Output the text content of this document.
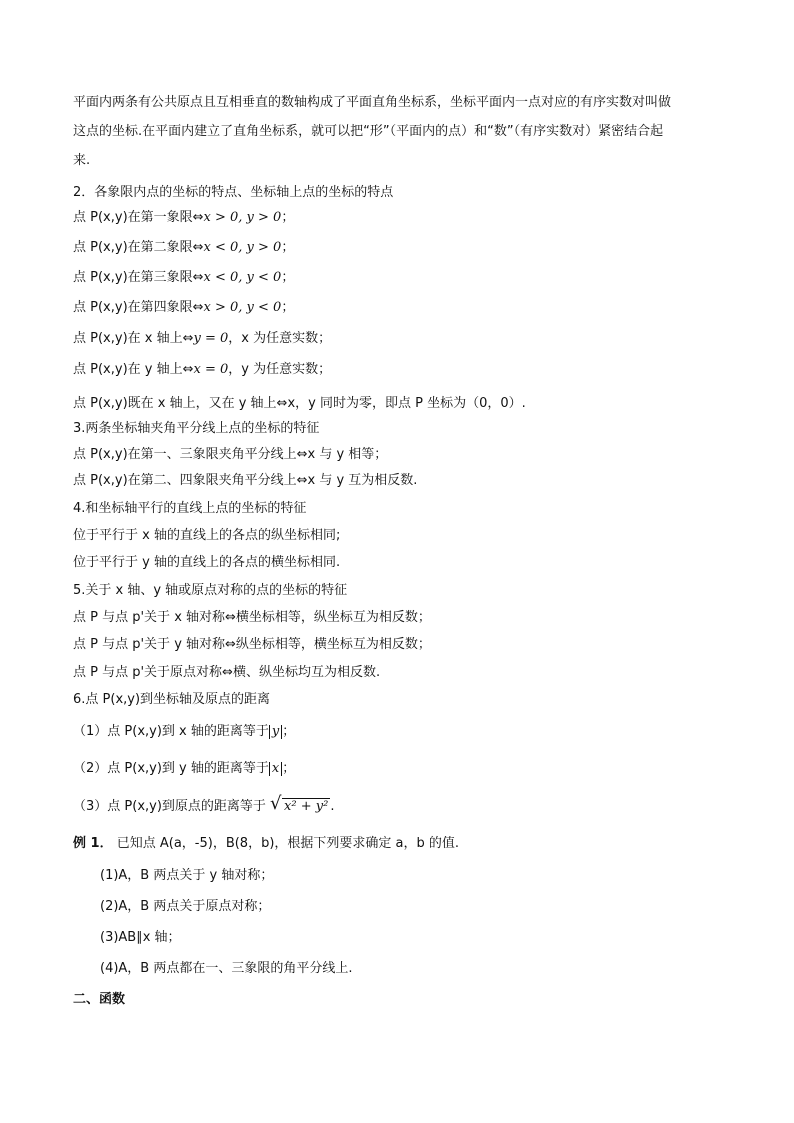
平面内两条有公共原点且互相垂直的数轴构成了平面直角坐标系，坐标平面内一点对应的有序实数对叫做
这点的坐标.在平面内建立了直角坐标系，就可以把“形”（平面内的点）和“数”（有序实数对）紧密结合起
来.
2．各象限内点的坐标的特点、坐标轴上点的坐标的特点
点 P(x,y)在第一象限⇔x > 0, y > 0；
点 P(x,y)在第二象限⇔x < 0, y > 0；
点 P(x,y)在第三象限⇔x < 0, y < 0；
点 P(x,y)在第四象限⇔x > 0, y < 0；
点 P(x,y)在 x 轴上⇔y = 0，x 为任意实数；
点 P(x,y)在 y 轴上⇔x = 0，y 为任意实数；
点 P(x,y)既在 x 轴上，又在 y 轴上⇔x，y 同时为零，即点 P 坐标为（0，0）.
3.两条坐标轴夹角平分线上点的坐标的特征
点 P(x,y)在第一、三象限夹角平分线上⇔x 与 y 相等；
点 P(x,y)在第二、四象限夹角平分线上⇔x 与 y 互为相反数.
4.和坐标轴平行的直线上点的坐标的特征
位于平行于 x 轴的直线上的各点的纵坐标相同;
位于平行于 y 轴的直线上的各点的横坐标相同.
5.关于 x 轴、y 轴或原点对称的点的坐标的特征
点 P 与点 p'关于 x 轴对称⇔横坐标相等，纵坐标互为相反数；
点 P 与点 p'关于 y 轴对称⇔纵坐标相等，横坐标互为相反数；
点 P 与点 p'关于原点对称⇔横、纵坐标均互为相反数.
6.点 P(x,y)到坐标轴及原点的距离
（1）点 P(x,y)到 x 轴的距离等于 y ；
（2）点 P(x,y)到 y 轴的距离等于 x ；
（3）点 P(x,y)到原点的距离等于 √ x² + y² .
例 1． 已知点 A(a，-5)，B(8，b)，根据下列要求确定 a，b 的值.
(1)A，B 两点关于 y 轴对称；
(2)A，B 两点关于原点对称；
(3)AB∥x 轴；
(4)A，B 两点都在一、三象限的角平分线上.
二、函数
